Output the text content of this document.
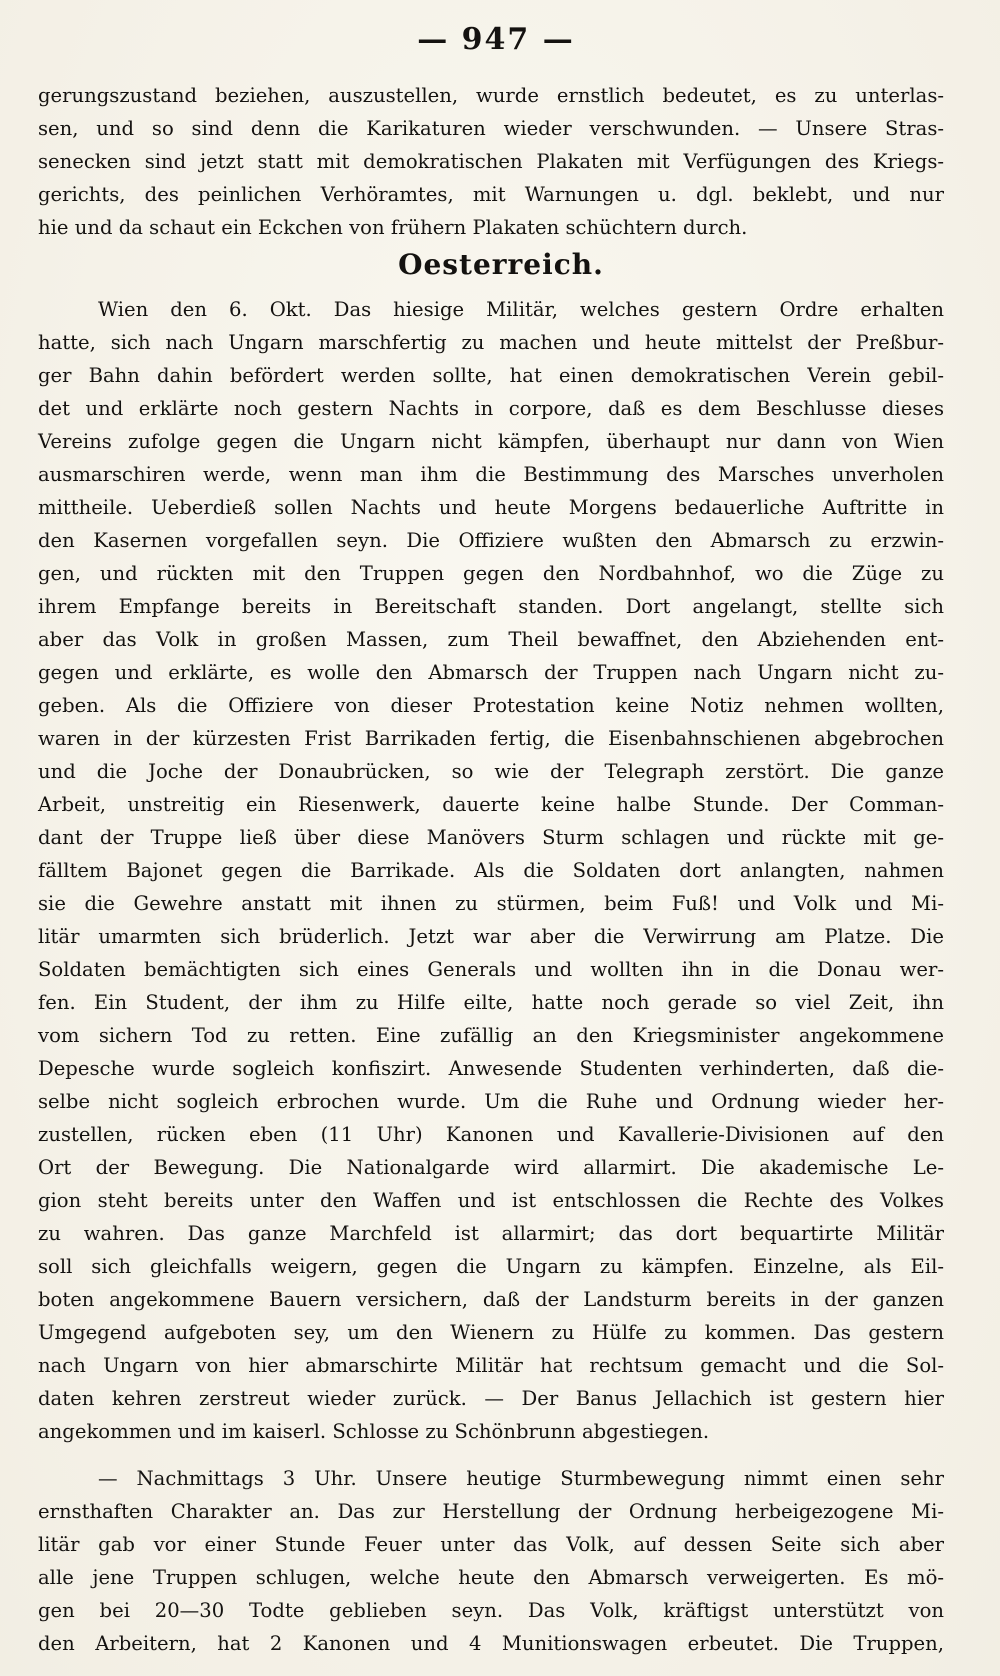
— 947 —
gerungszustand beziehen, auszustellen, wurde ernstlich bedeutet, es zu unterlas-
sen, und so sind denn die Karikaturen wieder verschwunden. — Unsere Stras-
senecken sind jetzt statt mit demokratischen Plakaten mit Verfügungen des Kriegs-
gerichts, des peinlichen Verhöramtes, mit Warnungen u. dgl. beklebt, und nur
hie und da schaut ein Eckchen von frühern Plakaten schüchtern durch.
Oesterreich.
Wien den 6. Okt. Das hiesige Militär, welches gestern Ordre erhalten
hatte, sich nach Ungarn marschfertig zu machen und heute mittelst der Preßbur-
ger Bahn dahin befördert werden sollte, hat einen demokratischen Verein gebil-
det und erklärte noch gestern Nachts in corpore, daß es dem Beschlusse dieses
Vereins zufolge gegen die Ungarn nicht kämpfen, überhaupt nur dann von Wien
ausmarschiren werde, wenn man ihm die Bestimmung des Marsches unverholen
mittheile. Ueberdieß sollen Nachts und heute Morgens bedauerliche Auftritte in
den Kasernen vorgefallen seyn. Die Offiziere wußten den Abmarsch zu erzwin-
gen, und rückten mit den Truppen gegen den Nordbahnhof, wo die Züge zu
ihrem Empfange bereits in Bereitschaft standen. Dort angelangt, stellte sich
aber das Volk in großen Massen, zum Theil bewaffnet, den Abziehenden ent-
gegen und erklärte, es wolle den Abmarsch der Truppen nach Ungarn nicht zu-
geben. Als die Offiziere von dieser Protestation keine Notiz nehmen wollten,
waren in der kürzesten Frist Barrikaden fertig, die Eisenbahnschienen abgebrochen
und die Joche der Donaubrücken, so wie der Telegraph zerstört. Die ganze
Arbeit, unstreitig ein Riesenwerk, dauerte keine halbe Stunde. Der Comman-
dant der Truppe ließ über diese Manövers Sturm schlagen und rückte mit ge-
fälltem Bajonet gegen die Barrikade. Als die Soldaten dort anlangten, nahmen
sie die Gewehre anstatt mit ihnen zu stürmen, beim Fuß! und Volk und Mi-
litär umarmten sich brüderlich. Jetzt war aber die Verwirrung am Platze. Die
Soldaten bemächtigten sich eines Generals und wollten ihn in die Donau wer-
fen. Ein Student, der ihm zu Hilfe eilte, hatte noch gerade so viel Zeit, ihn
vom sichern Tod zu retten. Eine zufällig an den Kriegsminister angekommene
Depesche wurde sogleich konfiszirt. Anwesende Studenten verhinderten, daß die-
selbe nicht sogleich erbrochen wurde. Um die Ruhe und Ordnung wieder her-
zustellen, rücken eben (11 Uhr) Kanonen und Kavallerie-Divisionen auf den
Ort der Bewegung. Die Nationalgarde wird allarmirt. Die akademische Le-
gion steht bereits unter den Waffen und ist entschlossen die Rechte des Volkes
zu wahren. Das ganze Marchfeld ist allarmirt; das dort bequartirte Militär
soll sich gleichfalls weigern, gegen die Ungarn zu kämpfen. Einzelne, als Eil-
boten angekommene Bauern versichern, daß der Landsturm bereits in der ganzen
Umgegend aufgeboten sey, um den Wienern zu Hülfe zu kommen. Das gestern
nach Ungarn von hier abmarschirte Militär hat rechtsum gemacht und die Sol-
daten kehren zerstreut wieder zurück. — Der Banus Jellachich ist gestern hier
angekommen und im kaiserl. Schlosse zu Schönbrunn abgestiegen.
— Nachmittags 3 Uhr. Unsere heutige Sturmbewegung nimmt einen sehr
ernsthaften Charakter an. Das zur Herstellung der Ordnung herbeigezogene Mi-
litär gab vor einer Stunde Feuer unter das Volk, auf dessen Seite sich aber
alle jene Truppen schlugen, welche heute den Abmarsch verweigerten. Es mö-
gen bei 20—30 Todte geblieben seyn. Das Volk, kräftigst unterstützt von
den Arbeitern, hat 2 Kanonen und 4 Munitionswagen erbeutet. Die Truppen,
